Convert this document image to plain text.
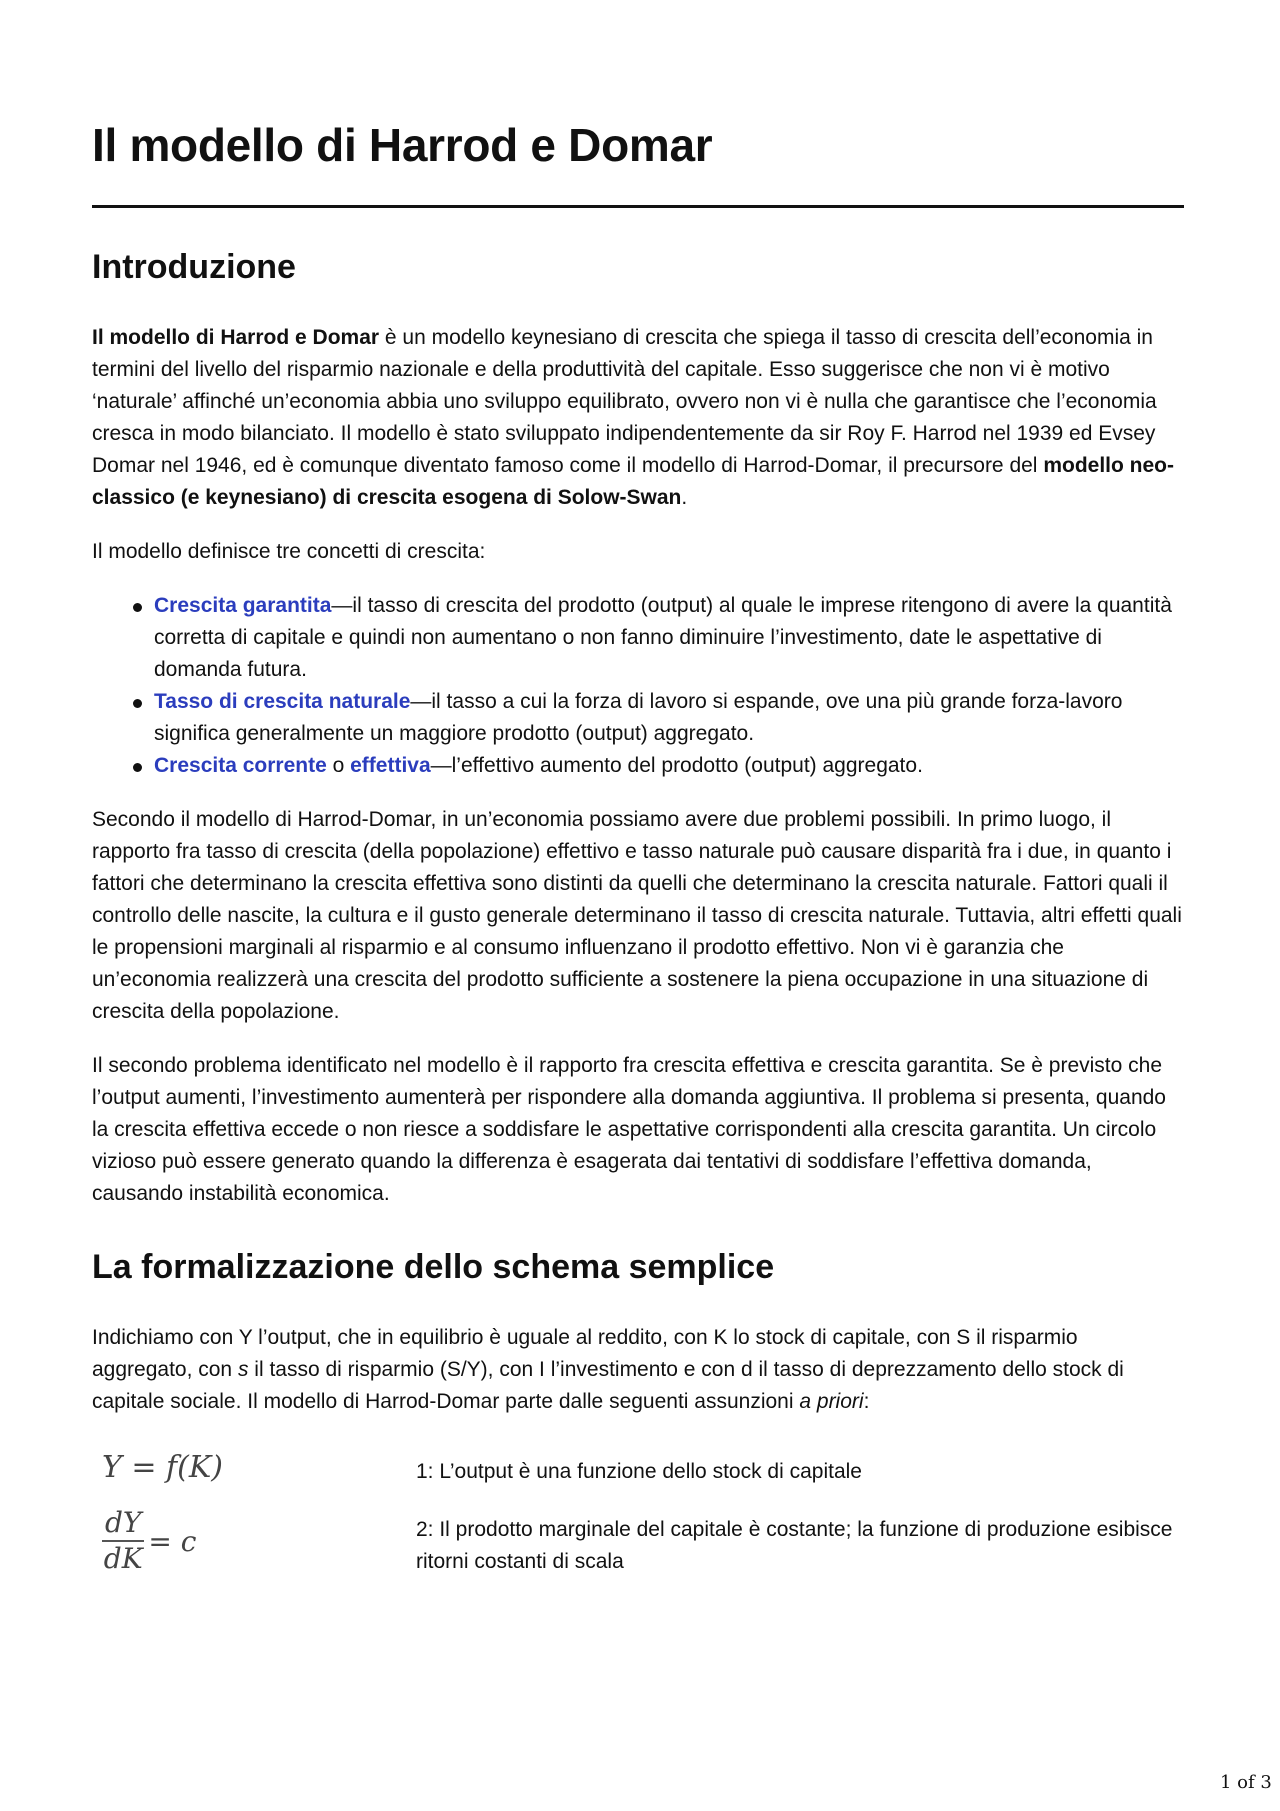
Il modello di Harrod e Domar
Introduzione

Il modello di Harrod e Domar è un modello keynesiano di crescita che spiega il tasso di crescita dell’economia in termini del livello del risparmio nazionale e della produttività del capitale. Esso suggerisce che non vi è motivo ‘naturale’ affinché un’economia abbia uno sviluppo equilibrato, ovvero non vi è nulla che garantisce che l’economia cresca in modo bilanciato. Il modello è stato sviluppato indipendentemente da sir Roy F. Harrod nel 1939 ed Evsey Domar nel 1946, ed è comunque diventato famoso come il modello di Harrod-Domar, il precursore del modello neo-classico (e keynesiano) di crescita esogena di Solow-Swan.

Il modello definisce tre concetti di crescita:

Crescita garantita—il tasso di crescita del prodotto (output) al quale le imprese ritengono di avere la quantità corretta di capitale e quindi non aumentano o non fanno diminuire l’investimento, date le aspettative di domanda futura.
Tasso di crescita naturale—il tasso a cui la forza di lavoro si espande, ove una più grande forza-lavoro significa generalmente un maggiore prodotto (output) aggregato.
Crescita corrente o effettiva—l’effettivo aumento del prodotto (output) aggregato.

Secondo il modello di Harrod-Domar, in un’economia possiamo avere due problemi possibili. In primo luogo, il rapporto fra tasso di crescita (della popolazione) effettivo e tasso naturale può causare disparità fra i due, in quanto i fattori che determinano la crescita effettiva sono distinti da quelli che determinano la crescita naturale. Fattori quali il controllo delle nascite, la cultura e il gusto generale determinano il tasso di crescita naturale. Tuttavia, altri effetti quali le propensioni marginali al risparmio e al consumo influenzano il prodotto effettivo. Non vi è garanzia che un’economia realizzerà una crescita del prodotto sufficiente a sostenere la piena occupazione in una situazione di crescita della popolazione.

Il secondo problema identificato nel modello è il rapporto fra crescita effettiva e crescita garantita. Se è previsto che l’output aumenti, l’investimento aumenterà per rispondere alla domanda aggiuntiva. Il problema si presenta, quando la crescita effettiva eccede o non riesce a soddisfare le aspettative corrispondenti alla crescita garantita. Un circolo vizioso può essere generato quando la differenza è esagerata dai tentativi di soddisfare l’effettiva domanda, causando instabilità economica.

La formalizzazione dello schema semplice

Indichiamo con Y l’output, che in equilibrio è uguale al reddito, con K lo stock di capitale, con S il risparmio aggregato, con s il tasso di risparmio (S/Y), con I l’investimento e con d il tasso di deprezzamento dello stock di capitale sociale. Il modello di Harrod-Domar parte dalle seguenti assunzioni a priori:

Y = f(K)
$\frac{dY}{dK} = c$
1: L’output è una funzione dello stock di capitale
2: Il prodotto marginale del capitale è costante; la funzione di produzione esibisce ritorni costanti di scala
1 of 3
